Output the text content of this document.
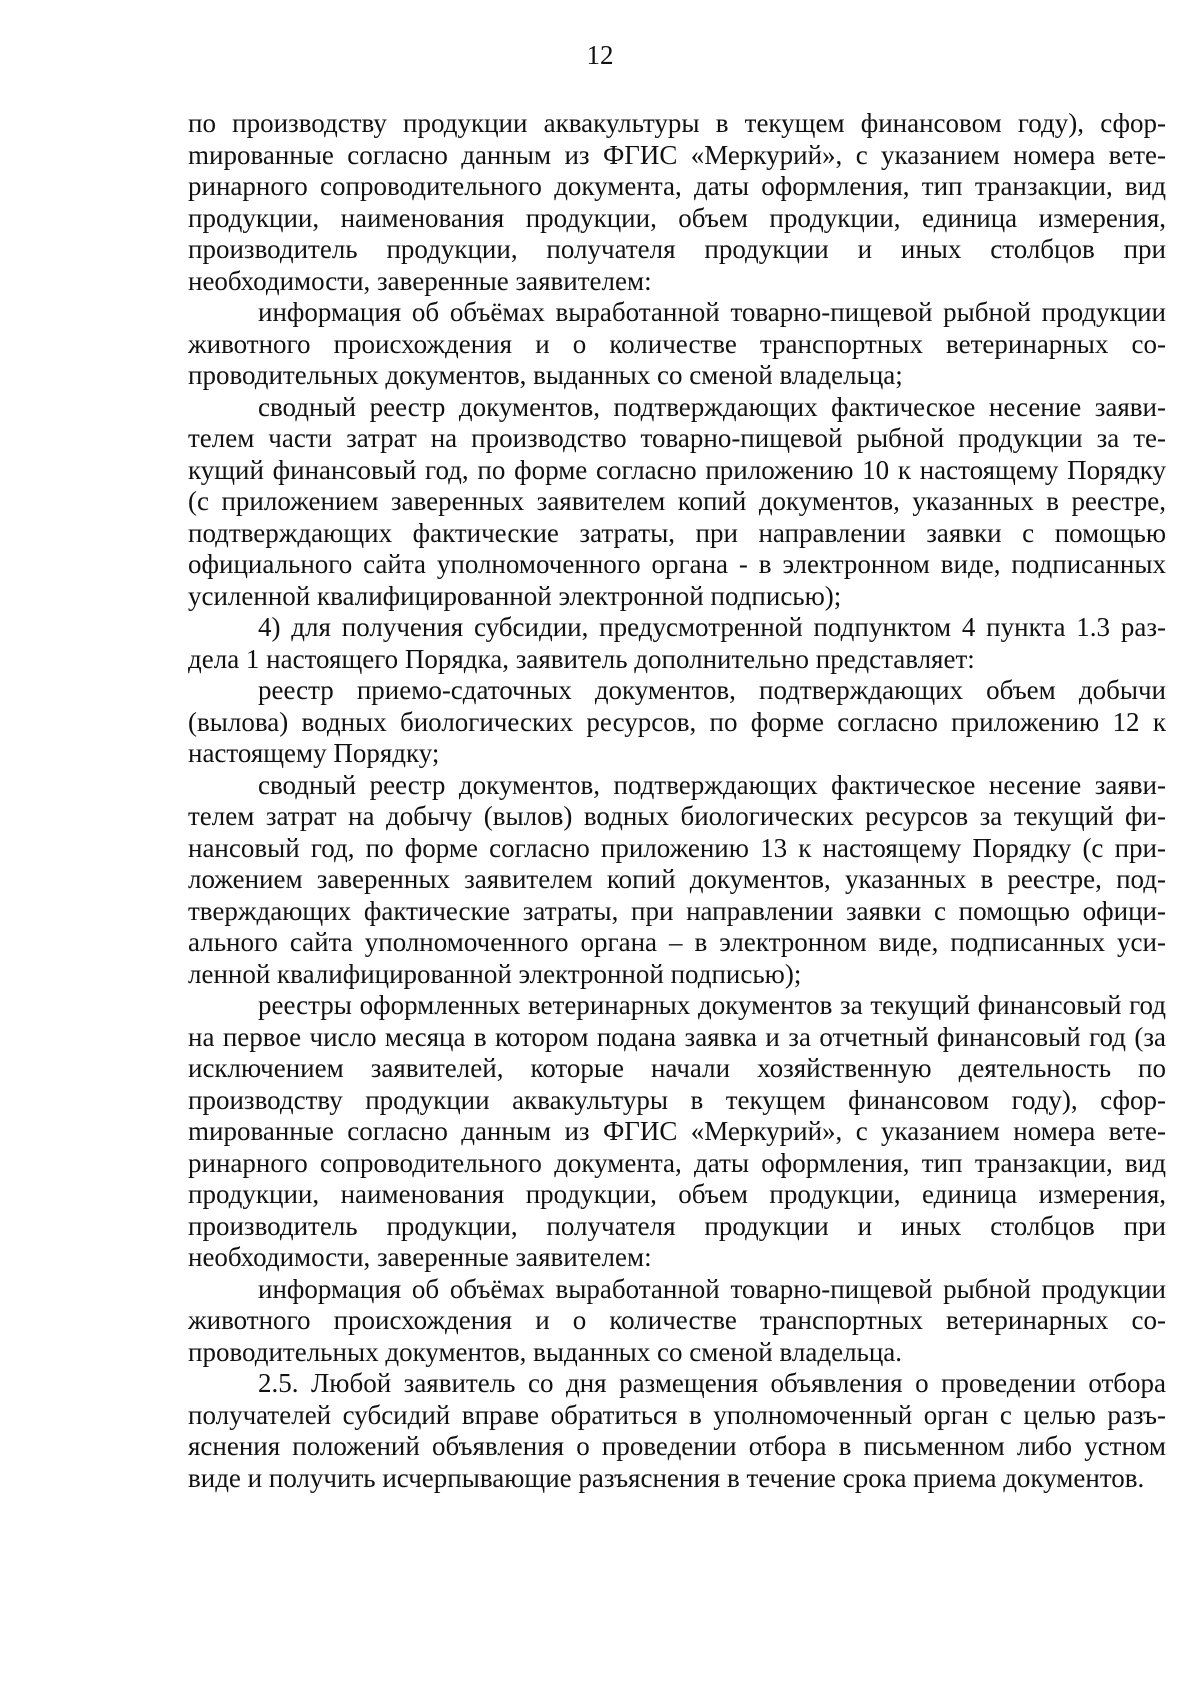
12

по производству продукции аквакультуры в текущем финансовом году), сфорmированные согласно данным из ФГИС «Меркурий», с указанием номера ветеринарного сопроводительного документа, даты оформления, тип транзакции, вид продукции, наименования продукции, объем продукции, единица измерения, производитель продукции, получателя продукции и иных столбцов при необходимости, заверенные заявителем:

информация об объёмах выработанной товарно-пищевой рыбной продукции животного происхождения и о количестве транспортных ветеринарных сопроводительных документов, выданных со сменой владельца;

сводный реестр документов, подтверждающих фактическое несение заявителем части затрат на производство товарно-пищевой рыбной продукции за текущий финансовый год, по форме согласно приложению 10 к настоящему Порядку (с приложением заверенных заявителем копий документов, указанных в реестре, подтверждающих фактические затраты, при направлении заявки с помощью официального сайта уполномоченного органа - в электронном виде, подписанных усиленной квалифицированной электронной подписью);

4) для получения субсидии, предусмотренной подпунктом 4 пункта 1.3 раздела 1 настоящего Порядка, заявитель дополнительно представляет:

реестр приемо-сдаточных документов, подтверждающих объем добычи (вылова) водных биологических ресурсов, по форме согласно приложению 12 к настоящему Порядку;

сводный реестр документов, подтверждающих фактическое несение заявителем затрат на добычу (вылов) водных биологических ресурсов за текущий финансовый год, по форме согласно приложению 13 к настоящему Порядку (с приложением заверенных заявителем копий документов, указанных в реестре, подтверждающих фактические затраты, при направлении заявки с помощью официального сайта уполномоченного органа – в электронном виде, подписанных усиленной квалифицированной электронной подписью);

реестры оформленных ветеринарных документов за текущий финансовый год на первое число месяца в котором подана заявка и за отчетный финансовый год (за исключением заявителей, которые начали хозяйственную деятельность по производству продукции аквакультуры в текущем финансовом году), сфорmированные согласно данным из ФГИС «Меркурий», с указанием номера ветеринарного сопроводительного документа, даты оформления, тип транзакции, вид продукции, наименования продукции, объем продукции, единица измерения, производитель продукции, получателя продукции и иных столбцов при необходимости, заверенные заявителем:

информация об объёмах выработанной товарно-пищевой рыбной продукции животного происхождения и о количестве транспортных ветеринарных сопроводительных документов, выданных со сменой владельца.

2.5. Любой заявитель со дня размещения объявления о проведении отбора получателей субсидий вправе обратиться в уполномоченный орган с целью разъяснения положений объявления о проведении отбора в письменном либо устном виде и получить исчерпывающие разъяснения в течение срока приема документов.
